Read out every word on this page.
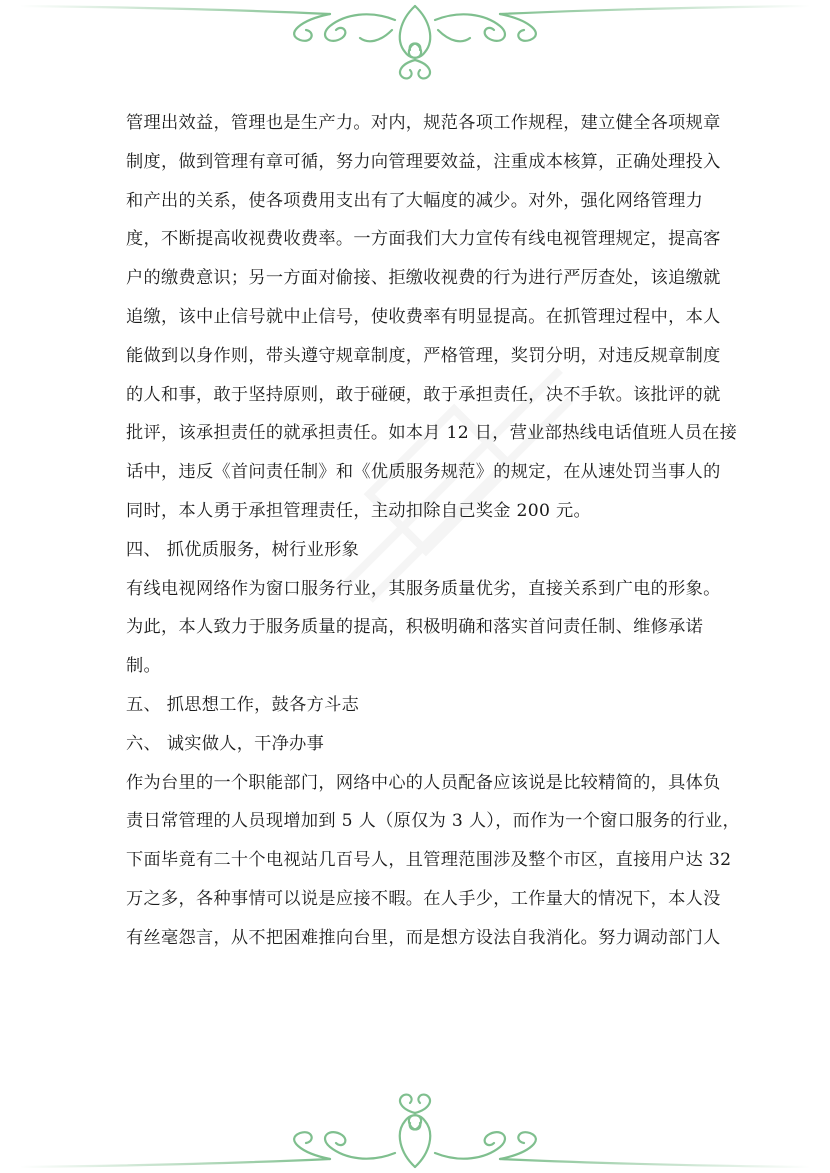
管理出效益，管理也是生产力。对内，规范各项工作规程，建立健全各项规章
制度，做到管理有章可循，努力向管理要效益，注重成本核算，正确处理投入
和产出的关系，使各项费用支出有了大幅度的减少。对外，强化网络管理力
度，不断提高收视费收费率。一方面我们大力宣传有线电视管理规定，提高客
户的缴费意识；另一方面对偷接、拒缴收视费的行为进行严厉查处，该追缴就
追缴，该中止信号就中止信号，使收费率有明显提高。在抓管理过程中，本人
能做到以身作则，带头遵守规章制度，严格管理，奖罚分明，对违反规章制度
的人和事，敢于坚持原则，敢于碰硬，敢于承担责任，决不手软。该批评的就
批评，该承担责任的就承担责任。如本月 12 日，营业部热线电话值班人员在接
话中，违反《首问责任制》和《优质服务规范》的规定，在从速处罚当事人的
同时，本人勇于承担管理责任，主动扣除自己奖金 200 元。
四、 抓优质服务，树行业形象
有线电视网络作为窗口服务行业，其服务质量优劣，直接关系到广电的形象。
为此，本人致力于服务质量的提高，积极明确和落实首问责任制、维修承诺
制。
五、 抓思想工作，鼓各方斗志
六、 诚实做人，干净办事
作为台里的一个职能部门，网络中心的人员配备应该说是比较精简的，具体负
责日常管理的人员现增加到 5 人（原仅为 3 人），而作为一个窗口服务的行业，
下面毕竟有二十个电视站几百号人，且管理范围涉及整个市区，直接用户达 32
万之多，各种事情可以说是应接不暇。在人手少，工作量大的情况下，本人没
有丝毫怨言，从不把困难推向台里，而是想方设法自我消化。努力调动部门人
